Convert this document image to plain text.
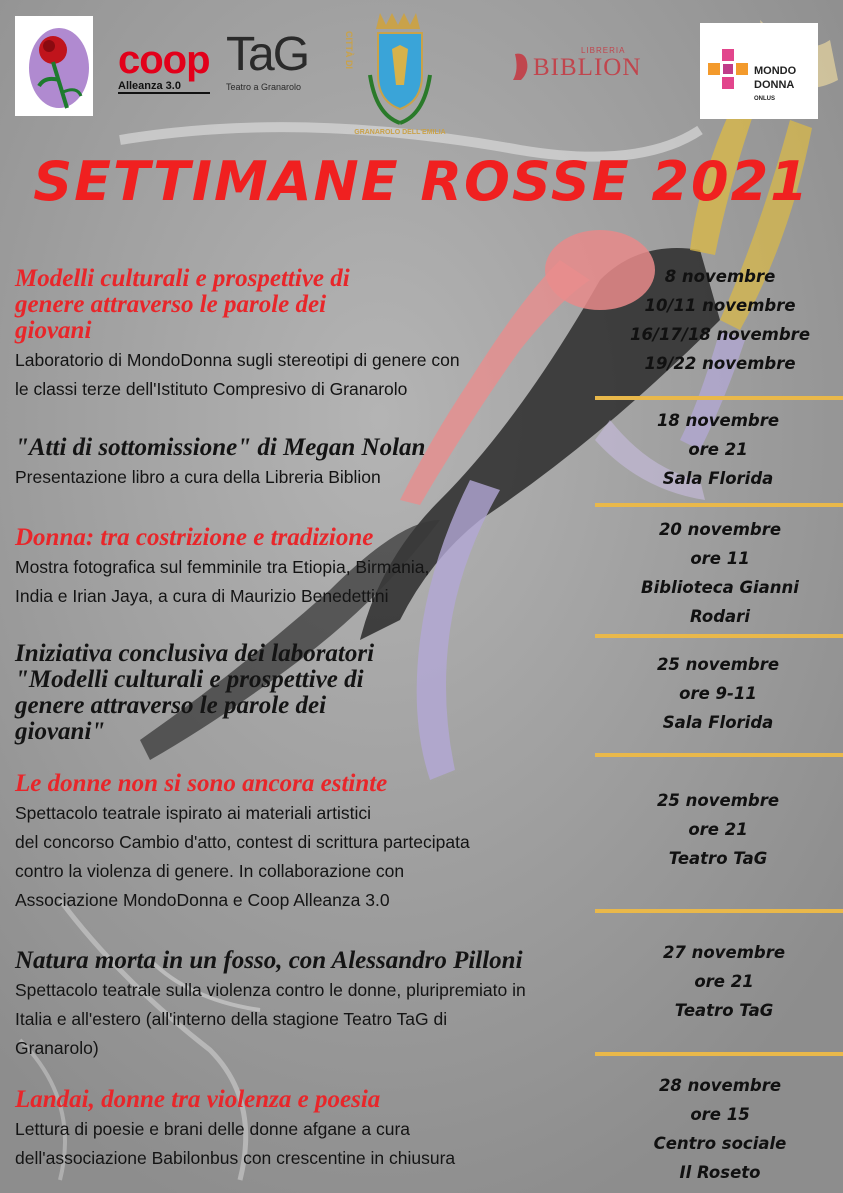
coop
Alleanza 3.0
TaG
Teatro a Granarolo
CITTÀ DI
GRANAROLO DELL'EMILIA
LIBRERIA
BIBLION	MONDO
DONNA
ONLUS
SETTIMANE ROSSE 2021
Modelli culturali e prospettive di
genere attraverso le parole dei
giovani
Laboratorio di MondoDonna sugli stereotipi di genere con
le classi terze dell'Istituto Compresivo di Granarolo
"Atti di sottomissione" di Megan Nolan
Presentazione libro a cura della Libreria Biblion
Donna: tra costrizione e tradizione
Mostra fotografica sul femminile tra Etiopia, Birmania,
India e Irian Jaya, a cura di Maurizio Benedettini
Iniziativa conclusiva dei laboratori
"Modelli culturali e prospettive di
genere attraverso le parole dei
giovani"
Le donne non si sono ancora estinte
Spettacolo teatrale ispirato ai materiali artistici
del concorso Cambio d'atto, contest di scrittura partecipata
contro la violenza di genere. In collaborazione con
Associazione MondoDonna e Coop Alleanza 3.0
Natura morta in un fosso, con Alessandro Pilloni
Spettacolo teatrale sulla violenza contro le donne, pluripremiato in
Italia e all'estero (all'interno della stagione Teatro TaG di
Granarolo)
Landai, donne tra violenza e poesia
Lettura di poesie e brani delle donne afgane a cura
dell'associazione Babilonbus con crescentine in chiusura
8 novembre
10/11 novembre
16/17/18 novembre
19/22 novembre
18 novembre
ore 21
Sala Florida
20 novembre
ore 11
Biblioteca Gianni
Rodari
25 novembre
ore 9-11
Sala Florida
25 novembre
ore 21
Teatro TaG
27 novembre
ore 21
Teatro TaG
28 novembre
ore 15
Centro sociale
Il Roseto
